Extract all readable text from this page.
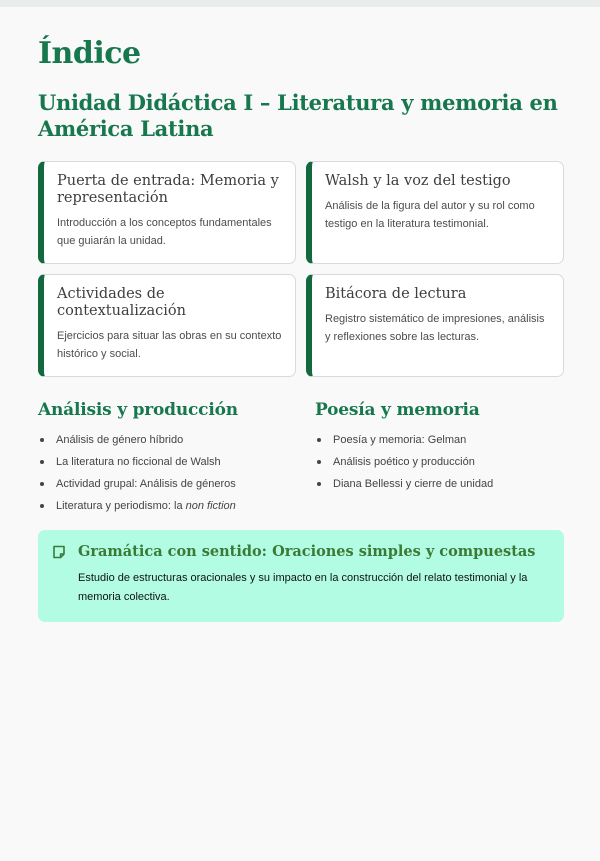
Índice
Unidad Didáctica I – Literatura y memoria en América Latina
Puerta de entrada: Memoria y representación
Introducción a los conceptos fundamentales que guiarán la unidad.
Walsh y la voz del testigo
Análisis de la figura del autor y su rol como testigo en la literatura testimonial.
Actividades de contextualización
Ejercicios para situar las obras en su contexto histórico y social.
Bitácora de lectura
Registro sistemático de impresiones, análisis y reflexiones sobre las lecturas.
Análisis y producción
Análisis de género híbrido
La literatura no ficcional de Walsh
Actividad grupal: Análisis de géneros
Literatura y periodismo: la non fiction
Poesía y memoria
Poesía y memoria: Gelman
Análisis poético y producción
Diana Bellessi y cierre de unidad
Gramática con sentido: Oraciones simples y compuestas
Estudio de estructuras oracionales y su impacto en la construcción del relato testimonial y la memoria colectiva.
